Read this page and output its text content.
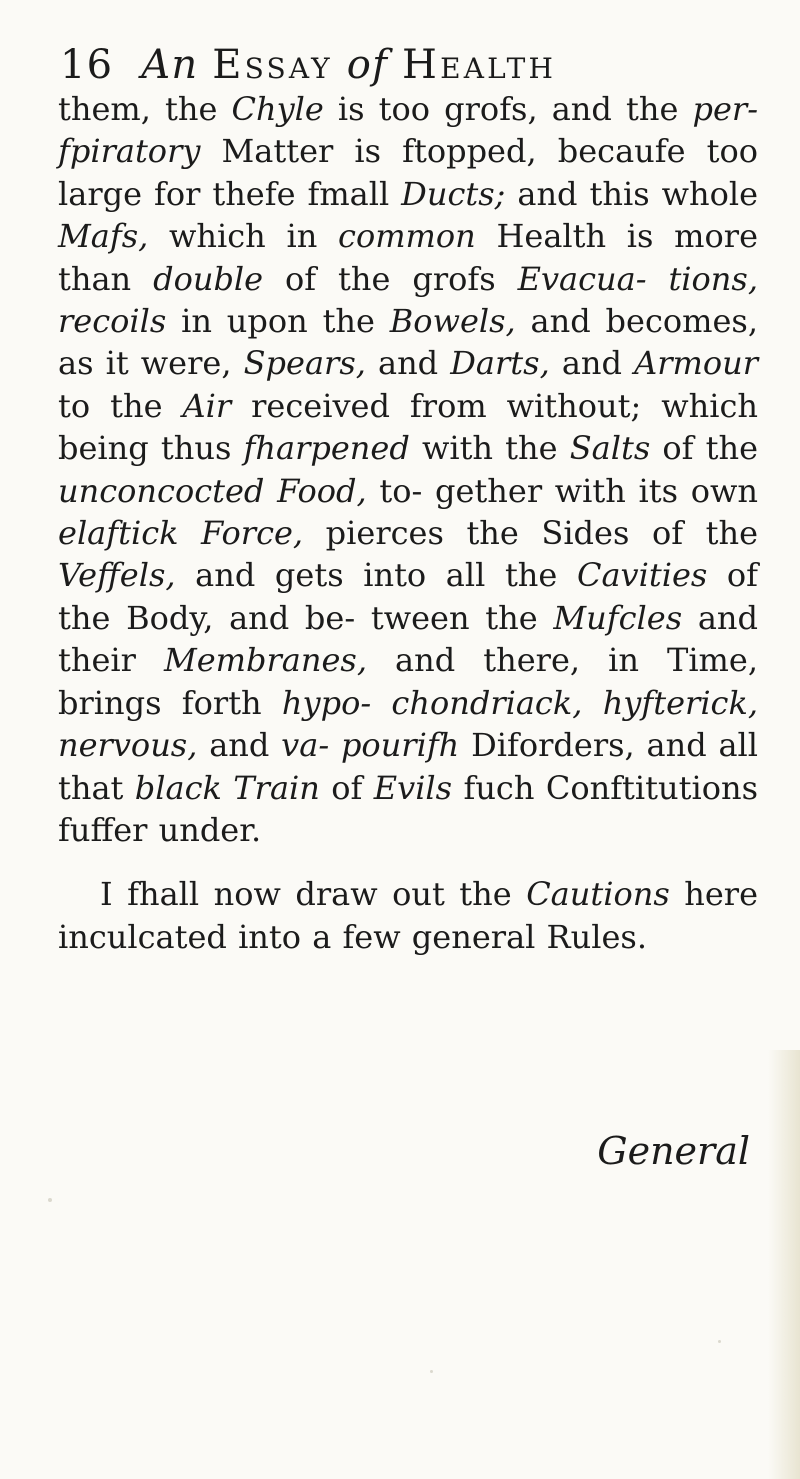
16 An Essay of Health

them, the Chyle is too grofs, and the per- fpiratory Matter is ftopped, becaufe too large for thefe fmall Ducts; and this whole Mafs, which in common Health is more than double of the grofs Evacua- tions, recoils in upon the Bowels, and becomes, as it were, Spears, and Darts, and Armour to the Air received from without; which being thus fharpened with the Salts of the unconcocted Food, to- gether with its own elaftick Force, pierces the Sides of the Veffels, and gets into all the Cavities of the Body, and be- tween the Mufcles and their Membranes, and there, in Time, brings forth hypo- chondriack, hyfterick, nervous, and va- pourifh Diforders, and all that black Train of Evils fuch Conftitutions fuffer under.

I fhall now draw out the Cautions here inculcated into a few general Rules.

General
